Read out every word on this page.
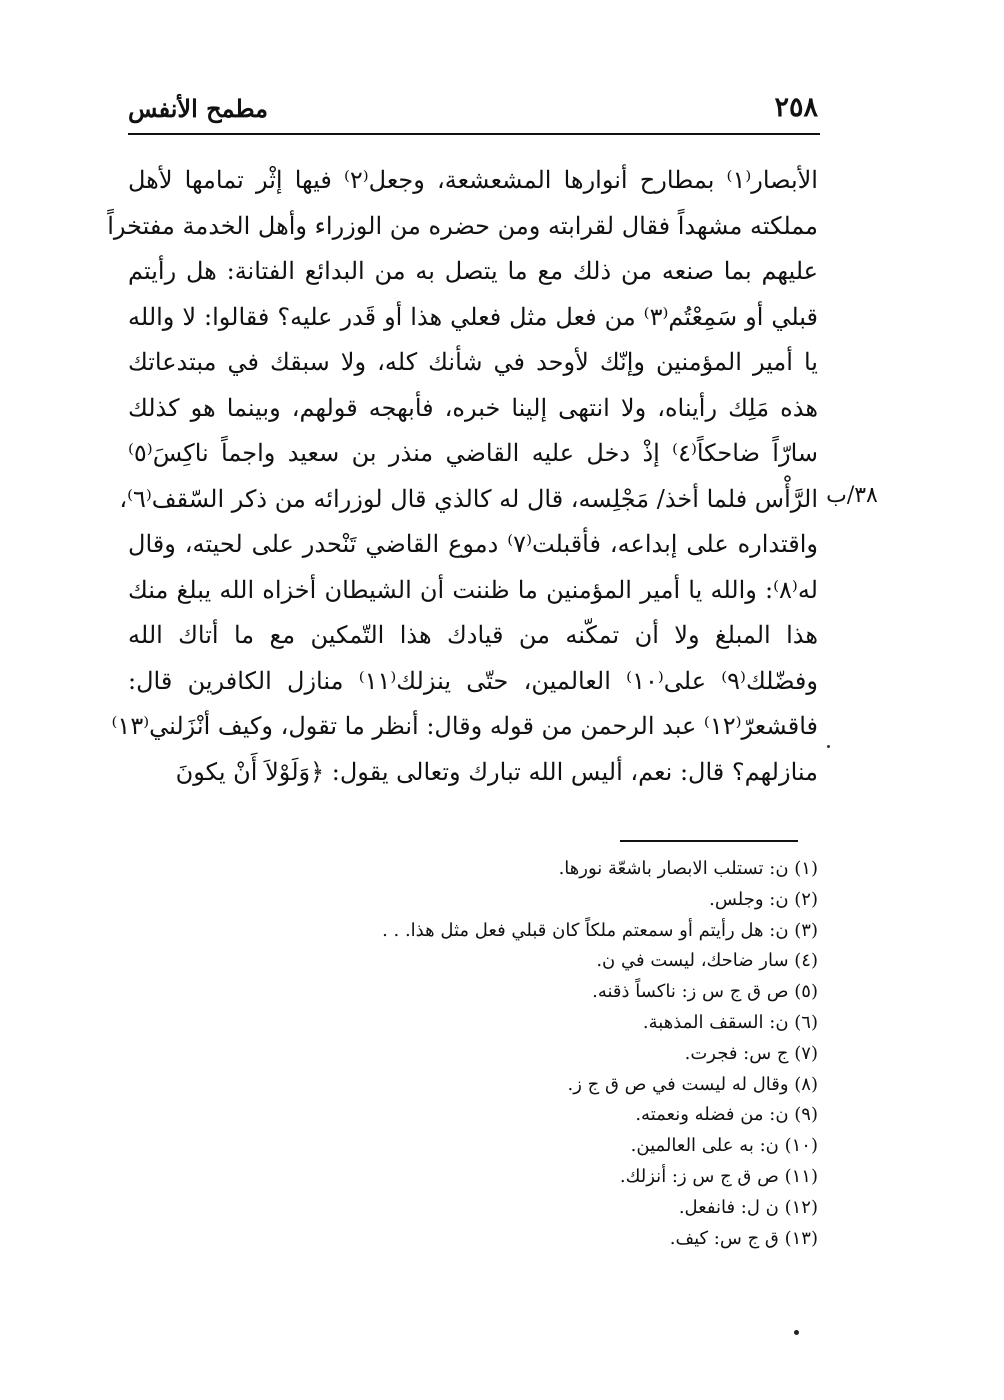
٢٥٨
مطمح الأنفس
٣٨/ب
الأبصار⁽١⁾ بمطارح أنوارها المشعشعة، وجعل⁽٢⁾ فيها إثْر تمامها لأهل
مملكته مشهداً فقال لقرابته ومن حضره من الوزراء وأهل الخدمة مفتخراً
عليهم بما صنعه من ذلك مع ما يتصل به من البدائع الفتانة: هل رأيتم
قبلي أو سَمِعْتُم⁽٣⁾ من فعل مثل فعلي هذا أو قَدر عليه؟ فقالوا: لا والله
يا أمير المؤمنين وإنّك لأوحد في شأنك كله، ولا سبقك في مبتدعاتك
هذه مَلِك رأيناه، ولا انتهى إلينا خبره، فأبهجه قولهم، وبينما هو كذلك
سارّاً ضاحكاً⁽٤⁾ إذْ دخل عليه القاضي منذر بن سعيد واجماً ناكِسَ⁽٥⁾
الرَّأْس فلما أخذ/ مَجْلِسه، قال له كالذي قال لوزرائه من ذكر السّقف⁽٦⁾،
واقتداره على إبداعه، فأقبلت⁽٧⁾ دموع القاضي تَنْحدر على لحيته، وقال
له⁽٨⁾: والله يا أمير المؤمنين ما ظننت أن الشيطان أخزاه الله يبلغ منك
هذا المبلغ ولا أن تمكّنه من قيادك هذا التّمكين مع ما أتاك الله
وفضّلك⁽٩⁾ على⁽١٠⁾ العالمين، حتّى ينزلك⁽١١⁾ منازل الكافرين قال:
فاقشعرّ⁽١٢⁾ عبد الرحمن من قوله وقال: أنظر ما تقول، وكيف أنْزَلني⁽١٣⁾
منازلهم؟ قال: نعم، أليس الله تبارك وتعالى يقول: ﴿وَلَوْلاَ أَنْ يكونَ
(١) ن: تستلب الابصار باشعّة نورها.
(٢) ن: وجلس.
(٣) ن: هل رأيتم أو سمعتم ملكاً كان قبلي فعل مثل هذا. . .
(٤) سار ضاحك، ليست في ن.
(٥) ص ق ج س ز: ناكساً ذقنه.
(٦) ن: السقف المذهبة.
(٧) ج س: فجرت.
(٨) وقال له ليست في ص ق ج ز.
(٩) ن: من فضله ونعمته.
(١٠) ن: به على العالمين.
(١١) ص ق ج س ز: أنزلك.
(١٢) ن ل: فانفعل.
(١٣) ق ج س: كيف.
